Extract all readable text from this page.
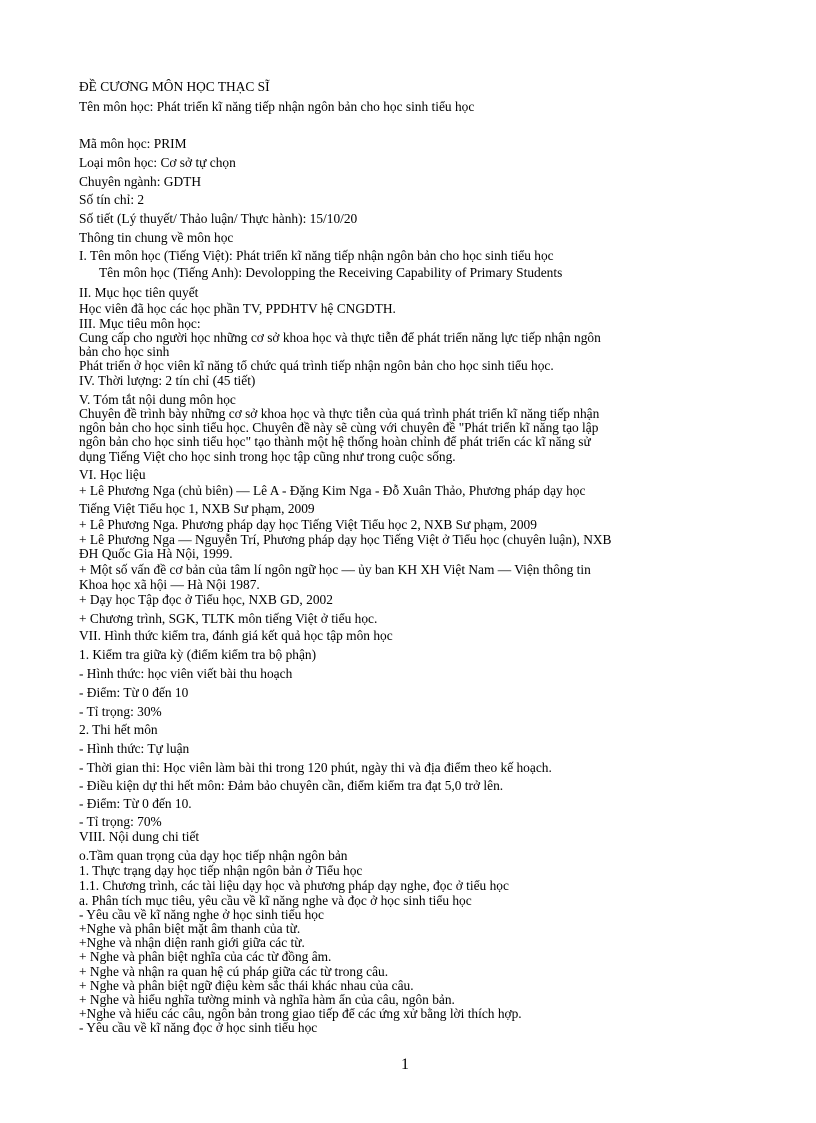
ĐỀ CƯƠNG MÔN HỌC THẠC SĨ

Tên môn học: Phát triển kĩ năng tiếp nhận ngôn bản cho học sinh tiểu học

Mã môn học: PRIM

Loại môn học: Cơ sở tự chọn

Chuyên ngành: GDTH

Số tín chỉ: 2

Số tiết (Lý thuyết/ Thảo luận/ Thực hành): 15/10/20

Thông tin chung về môn học

I. Tên môn học (Tiếng Việt): Phát triển kĩ năng tiếp nhận ngôn bản cho học sinh tiểu học

Tên môn học (Tiếng Anh): Devolopping the Receiving Capability of Primary Students

II. Mục học tiên quyết

Học viên đã học các học phần TV, PPDHTV hệ CNGDTH.

III. Mục tiêu môn học:

Cung cấp cho người học những cơ sở khoa học và thực tiễn để phát triển năng lực tiếp nhận ngôn

bản cho học sinh

Phát triển ở học viên kĩ năng tổ chức quá trình tiếp nhận ngôn bản cho học sinh tiểu học.

IV. Thời lượng: 2 tín chỉ (45 tiết)

V. Tóm tắt nội dung môn học

Chuyên đề trình bày những cơ sở khoa học và thực tiễn của quá trình phát triển kĩ năng tiếp nhận

ngôn bản cho học sinh tiểu học. Chuyên đề này sẽ cùng với chuyên đề "Phát triển kĩ năng tạo lập

ngôn bản cho học sinh tiểu học" tạo thành một hệ thống hoàn chỉnh để phát triển các kĩ năng sử

dụng Tiếng Việt cho học sinh trong học tập cũng như trong cuộc sống.

VI. Học liệu

+ Lê Phương Nga (chủ biên) — Lê A - Đặng Kim Nga - Đỗ Xuân Thảo, Phương pháp dạy học

Tiếng Việt Tiểu học 1, NXB Sư phạm, 2009

+ Lê Phương Nga. Phương pháp dạy học Tiếng Việt Tiểu học 2, NXB Sư phạm, 2009

+ Lê Phương Nga — Nguyễn Trí, Phương pháp dạy học Tiếng Việt ở Tiểu học (chuyên luận), NXB

ĐH Quốc Gia Hà Nội, 1999.

+ Một số vấn đề cơ bản của tâm lí ngôn ngữ học — ủy ban KH XH Việt Nam — Viện thông tin

Khoa học xã hội — Hà Nội 1987.

+ Dạy học Tập đọc ở Tiểu học, NXB GD, 2002

+ Chương trình, SGK, TLTK môn tiếng Việt ở tiểu học.

VII. Hình thức kiểm tra, đánh giá kết quả học tập môn học

1. Kiểm tra giữa kỳ (điểm kiểm tra bộ phận)

- Hình thức: học viên viết bài thu hoạch

- Điểm: Từ 0 đến 10

- Tỉ trọng: 30%

2. Thi hết môn

- Hình thức: Tự luận

- Thời gian thi: Học viên làm bài thi trong 120 phút, ngày thi và địa điểm theo kế hoạch.

- Điều kiện dự thi hết môn: Đảm bảo chuyên cần, điểm kiểm tra đạt 5,0 trở lên.

- Điểm: Từ 0 đến 10.

- Tỉ trọng: 70%

VIII. Nội dung chi tiết

o.Tầm quan trọng của dạy học tiếp nhận ngôn bản

1. Thực trạng dạy học tiếp nhận ngôn bản ở Tiểu học

1.1. Chương trình, các tài liệu dạy học và phương pháp dạy nghe, đọc ở tiểu học

a. Phân tích mục tiêu, yêu cầu về kĩ năng nghe và đọc ở học sinh tiểu học

- Yêu cầu về kĩ năng nghe ở học sinh tiểu học

+Nghe và phân biệt mặt âm thanh của từ.

+Nghe và nhận diện ranh giới giữa các từ.

+ Nghe và phân biệt nghĩa của các từ đồng âm.

+ Nghe và nhận ra quan hệ cú pháp giữa các từ trong câu.

+ Nghe và phân biệt ngữ điệu kèm sắc thái khác nhau của câu.

+ Nghe và hiểu nghĩa tường minh và nghĩa hàm ẩn của câu, ngôn bản.

+Nghe và hiểu các câu, ngôn bản trong giao tiếp để các ứng xử bằng lời thích hợp.

- Yêu cầu về kĩ năng đọc ở học sinh tiểu học

1
